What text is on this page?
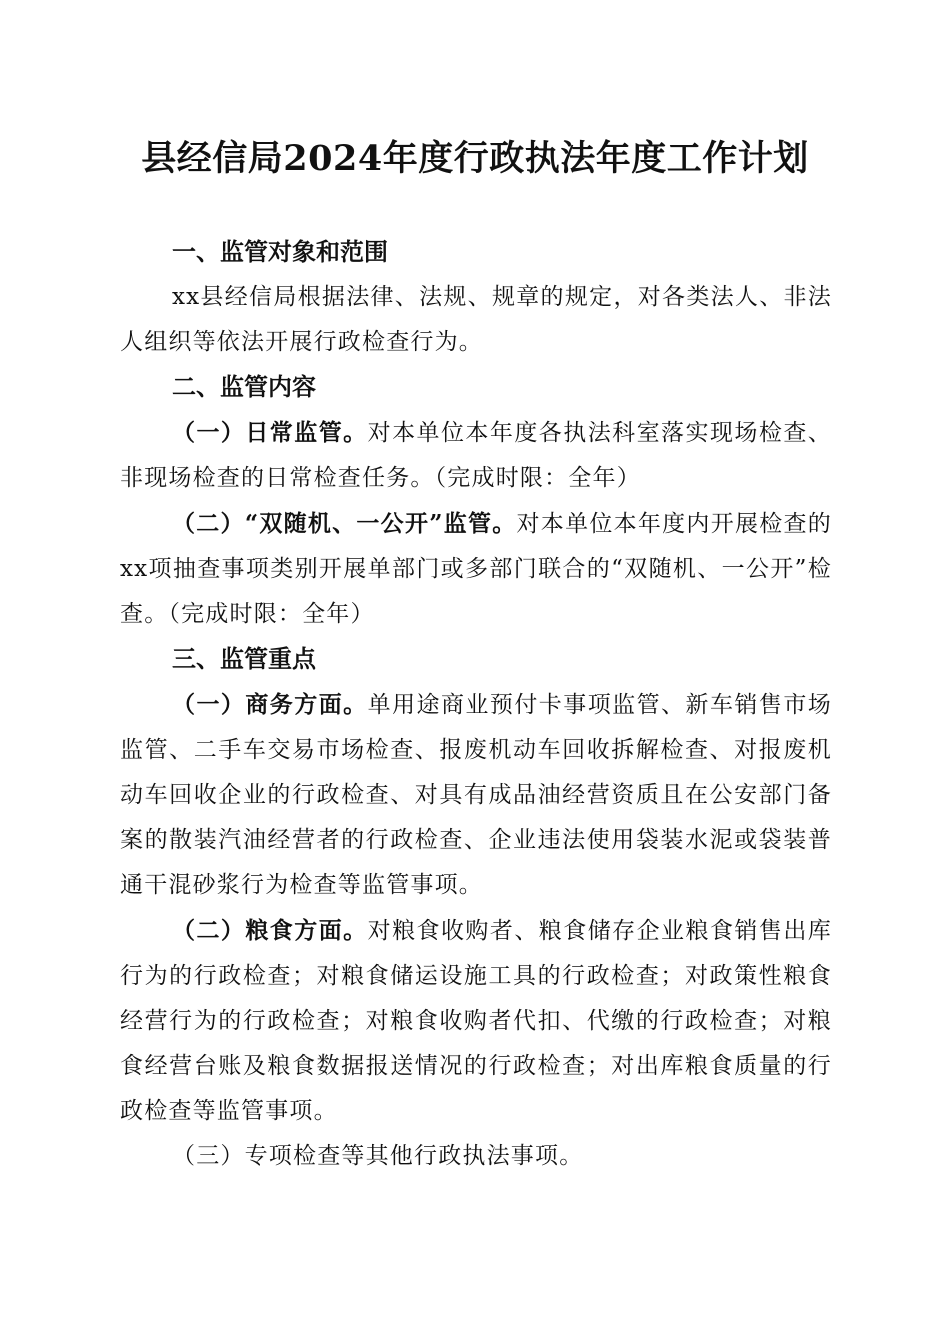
县经信局2024年度行政执法年度工作计划
一、监管对象和范围

xx县经信局根据法律、法规、规章的规定，对各类法人、非法人组织等依法开展行政检查行为。

二、监管内容

（一）日常监管。对本单位本年度各执法科室落实现场检查、非现场检查的日常检查任务。（完成时限：全年）

（二）“双随机、一公开”监管。对本单位本年度内开展检查的xx项抽查事项类别开展单部门或多部门联合的“双随机、一公开”检查。（完成时限：全年）

三、监管重点

（一）商务方面。单用途商业预付卡事项监管、新车销售市场监管、二手车交易市场检查、报废机动车回收拆解检查、对报废机动车回收企业的行政检查、对具有成品油经营资质且在公安部门备案的散装汽油经营者的行政检查、企业违法使用袋装水泥或袋装普通干混砂浆行为检查等监管事项。

（二）粮食方面。对粮食收购者、粮食储存企业粮食销售出库行为的行政检查；对粮食储运设施工具的行政检查；对政策性粮食经营行为的行政检查；对粮食收购者代扣、代缴的行政检查；对粮食经营台账及粮食数据报送情况的行政检查；对出库粮食质量的行政检查等监管事项。

（三）专项检查等其他行政执法事项。
